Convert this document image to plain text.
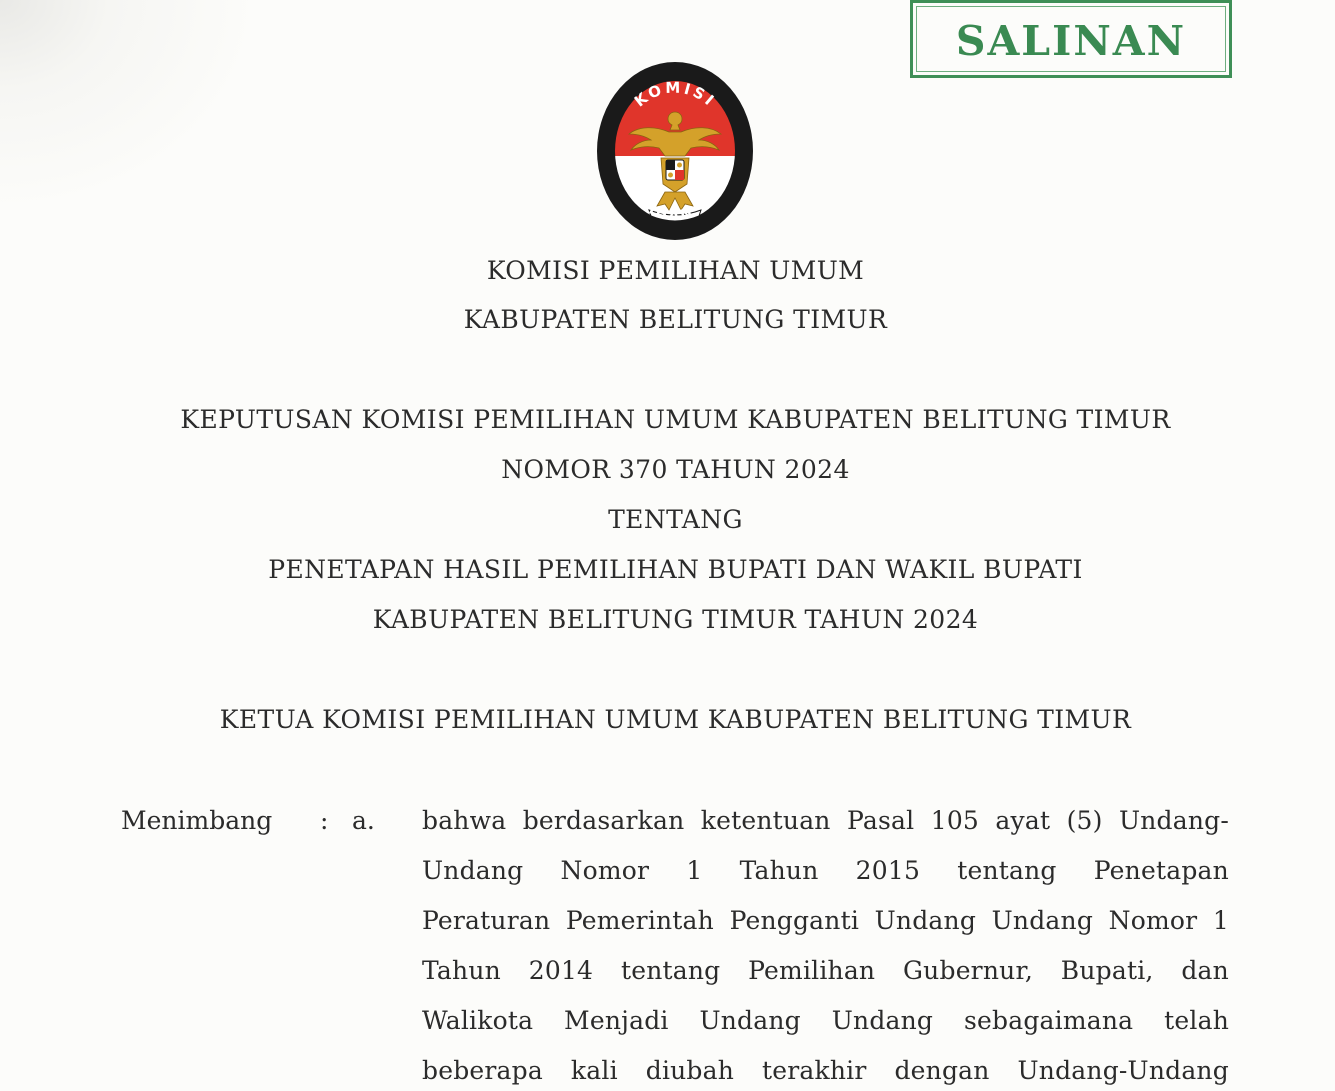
SALINAN
KOMISI
PEMILIHAN UMUM
KOMISI PEMILIHAN UMUM
KABUPATEN BELITUNG TIMUR
KEPUTUSAN KOMISI PEMILIHAN UMUM KABUPATEN BELITUNG TIMUR
NOMOR 370 TAHUN 2024
TENTANG
PENETAPAN HASIL PEMILIHAN BUPATI DAN WAKIL BUPATI
KABUPATEN BELITUNG TIMUR TAHUN 2024
KETUA KOMISI PEMILIHAN UMUM KABUPATEN BELITUNG TIMUR
Menimbang : a. bahwa berdasarkan ketentuan Pasal 105 ayat (5) Undang-
Undang Nomor 1 Tahun 2015 tentang Penetapan
Peraturan Pemerintah Pengganti Undang Undang Nomor 1
Tahun 2014 tentang Pemilihan Gubernur, Bupati, dan
Walikota Menjadi Undang Undang sebagaimana telah
beberapa kali diubah terakhir dengan Undang-Undang
